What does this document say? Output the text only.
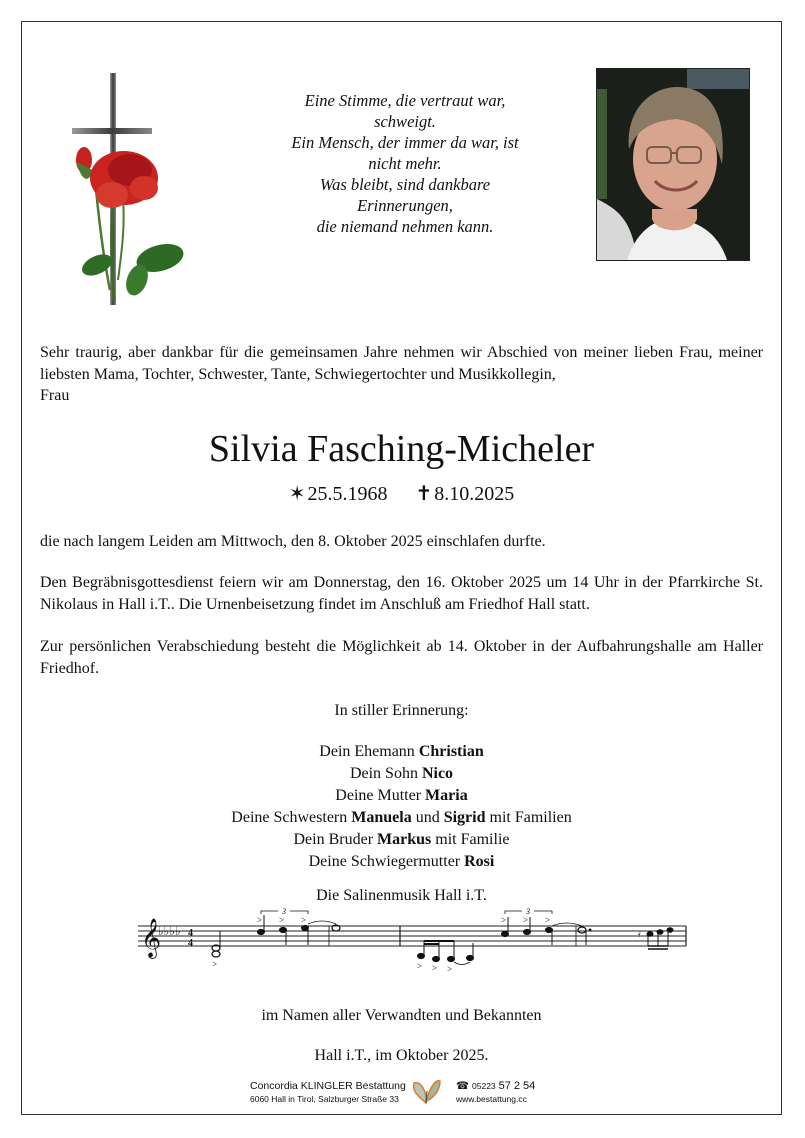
Eine Stimme, die vertraut war,
schweigt.
Ein Mensch, der immer da war, ist
nicht mehr.
Was bleibt, sind dankbare
Erinnerungen,
die niemand nehmen kann.
Sehr traurig, aber dankbar für die gemeinsamen Jahre nehmen wir Abschied von meiner lieben Frau, meiner liebsten Mama, Tochter, Schwester, Tante, Schwiegertochter und Musikkollegin,
Frau
Silvia Fasching-Micheler
✶ 25.5.1968 ✝ 8.10.2025
die nach langem Leiden am Mittwoch, den 8. Oktober 2025 einschlafen durfte.
Den Begräbnisgottesdienst feiern wir am Donnerstag, den 16. Oktober 2025 um 14 Uhr in der Pfarrkirche St. Nikolaus in Hall i.T.. Die Urnenbeisetzung findet im Anschluß am Friedhof Hall statt.
Zur persönlichen Verabschiedung besteht die Möglichkeit ab 14. Oktober in der Aufbahrungshalle am Haller Friedhof.
In stiller Erinnerung:
Dein Ehemann Christian
Dein Sohn Nico
Deine Mutter Maria
Deine Schwestern Manuela und Sigrid mit Familien
Dein Bruder Markus mit Familie
Deine Schwiegermutter Rosi
Die Salinenmusik Hall i.T.
𝄞
♭♭♭♭ 4
4
3	3
> > >	> > >
>	> > >
𝄿
im Namen aller Verwandten und Bekannten
Hall i.T., im Oktober 2025.
Concordia KLINGLER Bestattung
6060 Hall in Tirol, Salzburger Straße 33
☎ 05223 57 2 54
www.bestattung.cc
